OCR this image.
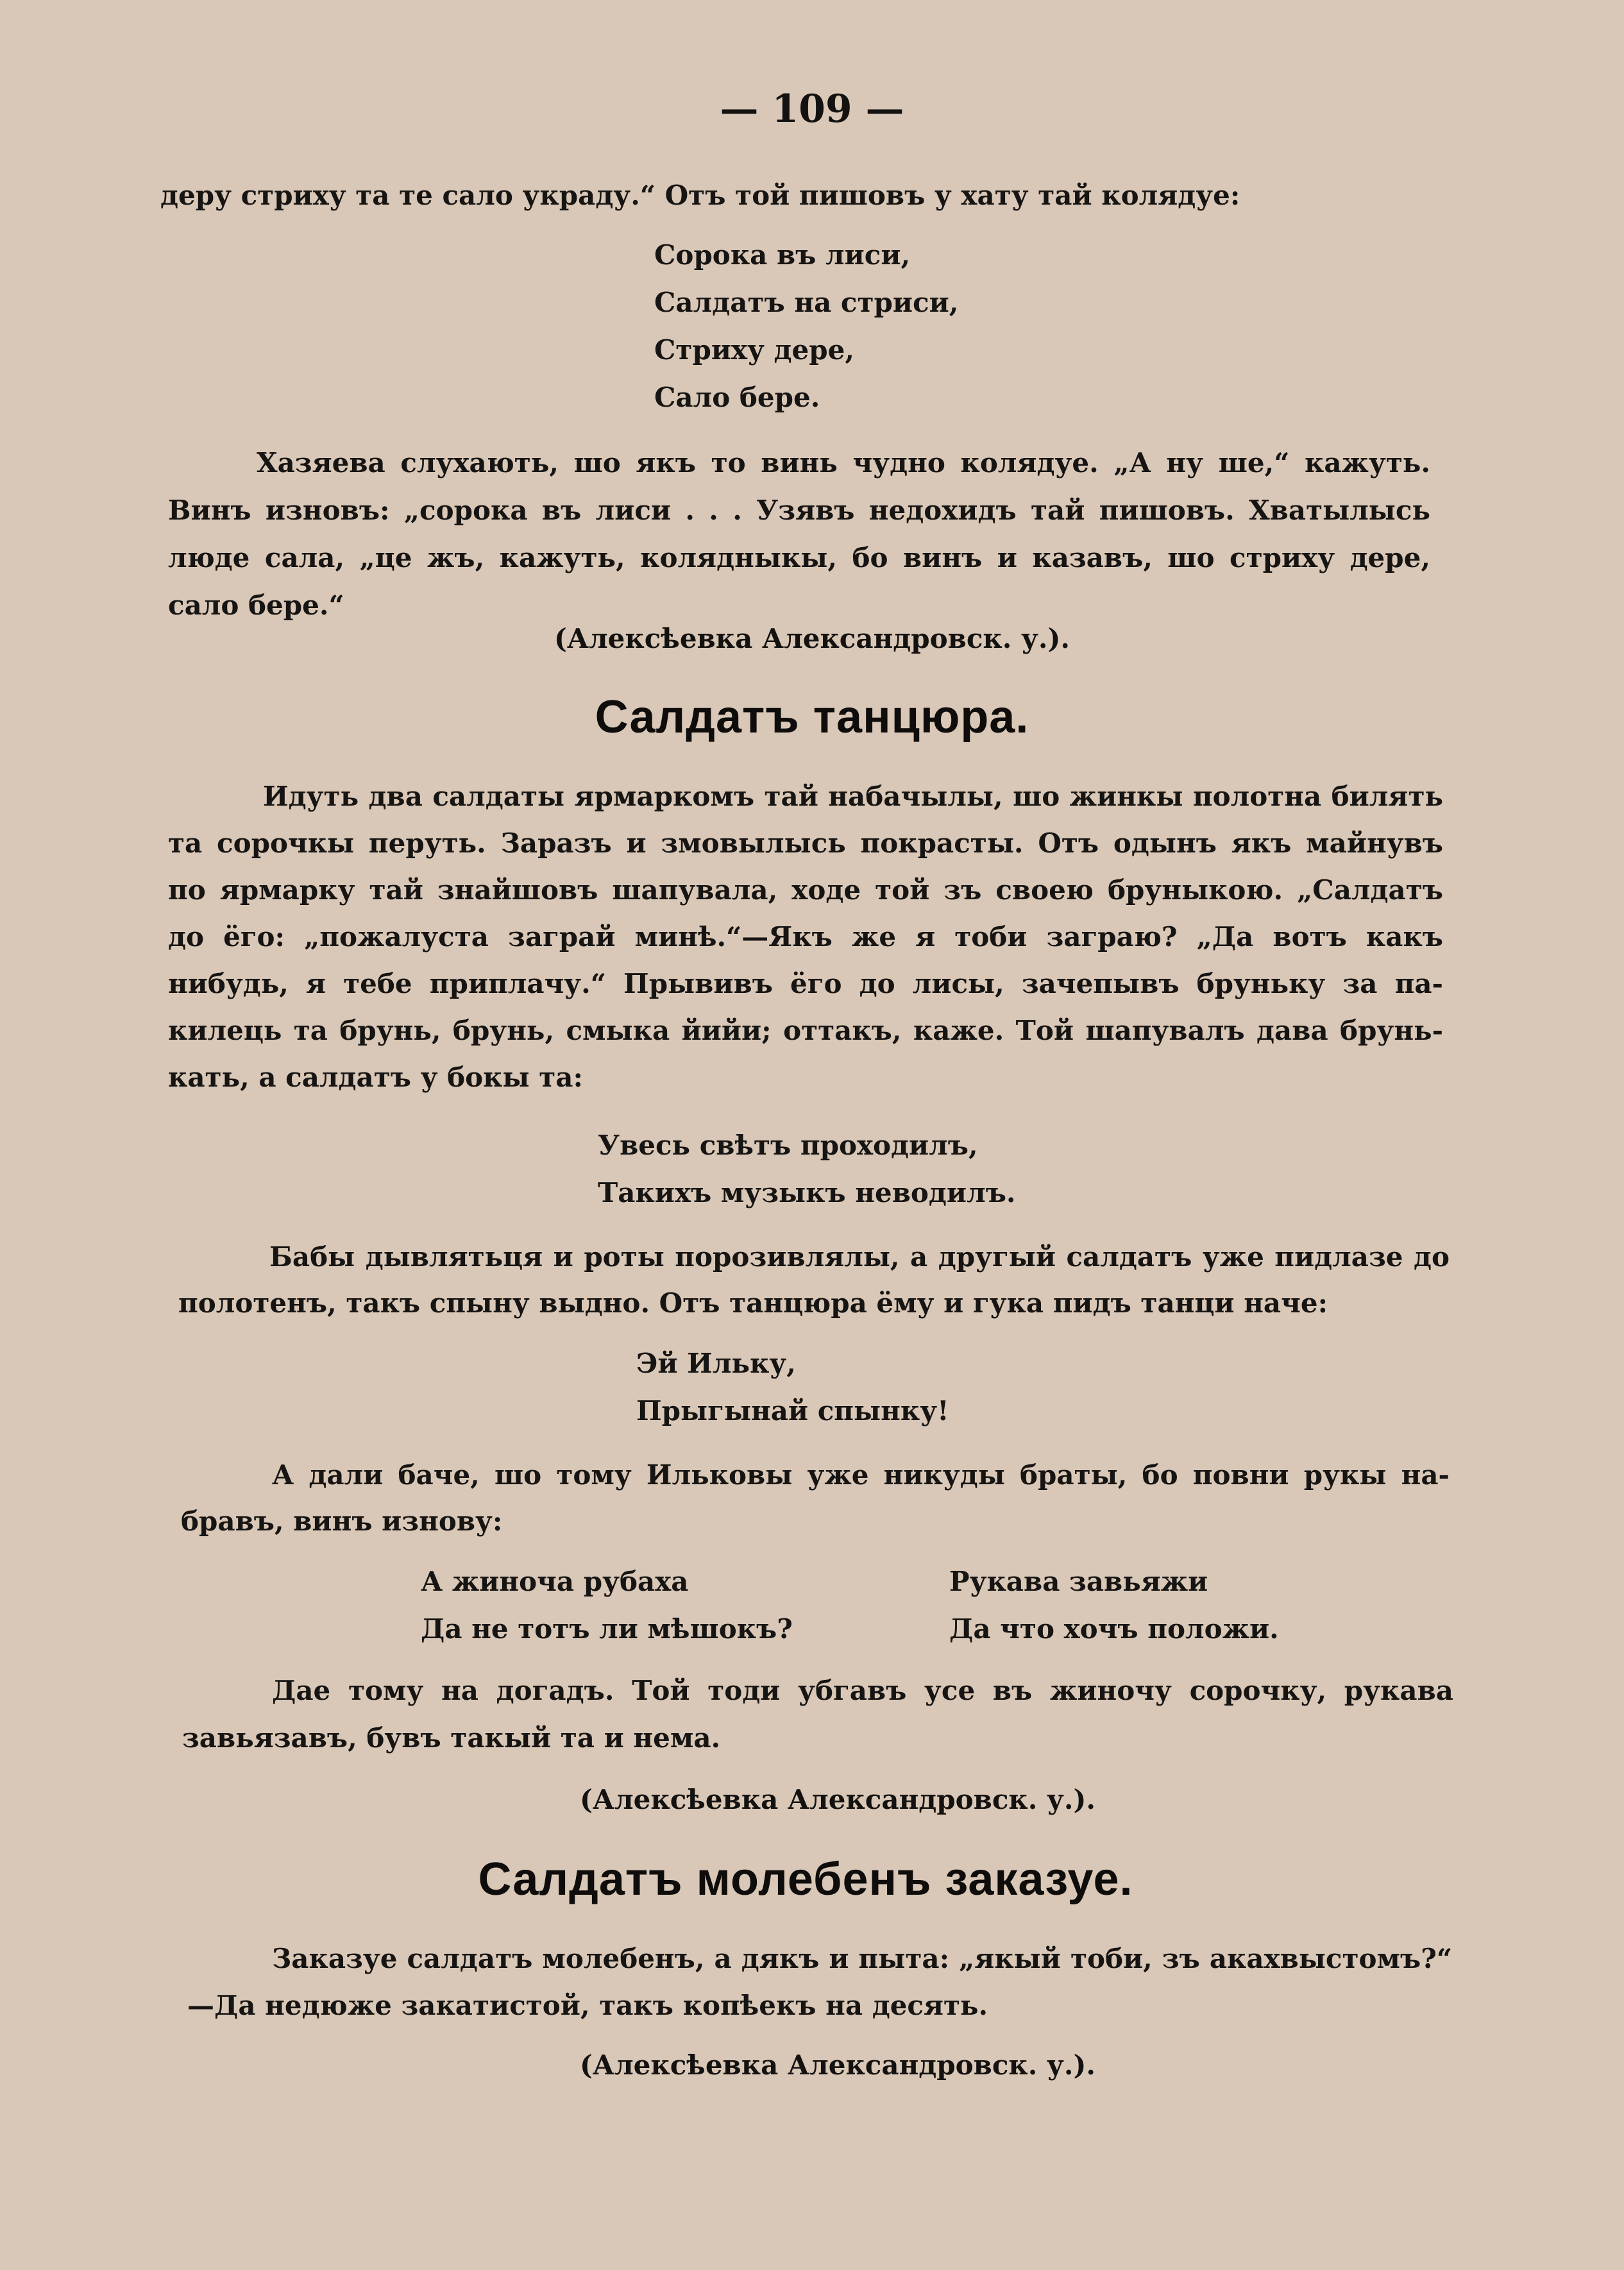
— 109 —
деру стриху та те сало украду.“ Отъ той пишовъ у хату тай колядуе:
Сорока въ лиси,
Салдатъ на стриси,
Стриху дере,
Сало бере.
Хазяева слухають, шо якъ то винь чудно колядуе. „А ну ше,“ кажуть.
Винъ изновъ: „сорока въ лиси . . . Узявъ недохидъ тай пишовъ. Хватылысь
люде сала, „це жъ, кажуть, колядныкы, бо винъ и казавъ, шо стриху дере,
сало бере.“
(Алексѣевка Александровск. у.).
Салдатъ танцюра.
Идуть два салдаты ярмаркомъ тай набачылы, шо жинкы полотна билять
та сорочкы перуть. Заразъ и змовылысь покрасты. Отъ одынъ якъ майнувъ
по ярмарку тай знайшовъ шапувала, ходе той зъ своею бруныкою. „Салдатъ
до ёго: „пожалуста заграй минѣ.“—Якъ же я тоби заграю? „Да вотъ какъ
нибудь, я тебе приплачу.“ Прывивъ ёго до лисы, зачепывъ бруньку за па-
килець та брунь, брунь, смыка йийи; оттакъ, каже. Той шапувалъ дава брунь-
кать, а салдатъ у бокы та:
Увесь свѣтъ проходилъ,
Такихъ музыкъ неводилъ.
Бабы дывлятьця и роты порозивлялы, а другый салдатъ уже пидлазе до
полотенъ, такъ спыну выдно. Отъ танцюра ёму и гука пидъ танци наче:
Эй Ильку,
Прыгынай спынку!
А дали баче, шо тому Ильковы уже никуды браты, бо повни рукы на-
бравъ, винъ изнову:
А жиноча рубаха
Да не тотъ ли мѣшокъ?
Рукава завьяжи
Да что хочъ положи.
Дае тому на догадъ. Той тоди убгавъ усе въ жиночу сорочку, рукава
завьязавъ, бувъ такый та и нема.
(Алексѣевка Александровск. у.).
Салдатъ молебенъ заказуе.
Заказуе салдатъ молебенъ, а дякъ и пыта: „якый тоби, зъ акахвыстомъ?“
—Да недюже закатистой, такъ копѣекъ на десять.
(Алексѣевка Александровск. у.).
